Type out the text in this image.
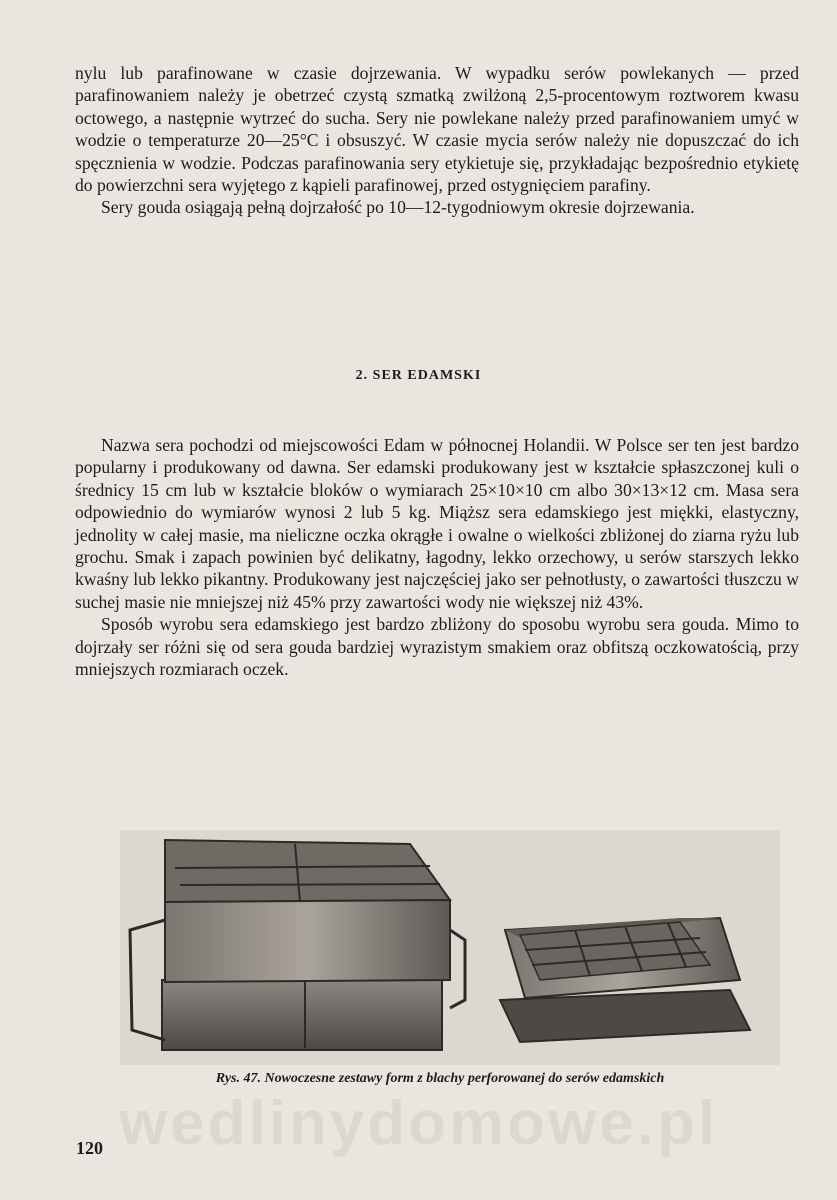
nylu lub parafinowane w czasie dojrzewania. W wypadku serów powlekanych — przed parafinowaniem należy je obetrzeć czystą szmatką zwilżoną 2,5-procentowym roztworem kwasu octowego, a następnie wytrzeć do sucha. Sery nie powlekane należy przed parafinowaniem umyć w wodzie o temperaturze 20—25°C i obsuszyć. W czasie mycia serów należy nie dopuszczać do ich spęcznienia w wodzie. Podczas parafinowania sery etykietuje się, przykładając bezpośrednio etykietę do powierzchni sera wyjętego z kąpieli parafinowej, przed ostygnięciem parafiny.

Sery gouda osiągają pełną dojrzałość po 10—12-tygodniowym okresie dojrzewania.

2. SER EDAMSKI

Nazwa sera pochodzi od miejscowości Edam w północnej Holandii. W Polsce ser ten jest bardzo popularny i produkowany od dawna. Ser edamski produkowany jest w kształcie spłaszczonej kuli o średnicy 15 cm lub w kształcie bloków o wymiarach 25×10×10 cm albo 30×13×12 cm. Masa sera odpowiednio do wymiarów wynosi 2 lub 5 kg. Miąższ sera edamskiego jest miękki, elastyczny, jednolity w całej masie, ma nieliczne oczka okrągłe i owalne o wielkości zbliżonej do ziarna ryżu lub grochu. Smak i zapach powinien być delikatny, łagodny, lekko orzechowy, u serów starszych lekko kwaśny lub lekko pikantny. Produkowany jest najczęściej jako ser pełnotłusty, o zawartości tłuszczu w suchej masie nie mniejszej niż 45% przy zawartości wody nie większej niż 43%.

Sposób wyrobu sera edamskiego jest bardzo zbliżony do sposobu wyrobu sera gouda. Mimo to dojrzały ser różni się od sera gouda bardziej wyrazistym smakiem oraz obfitszą oczkowatością, przy mniejszych rozmiarach oczek.

Rys. 47. Nowoczesne zestawy form z blachy perforowanej do serów edamskich
wedlinydomowe.pl
120
